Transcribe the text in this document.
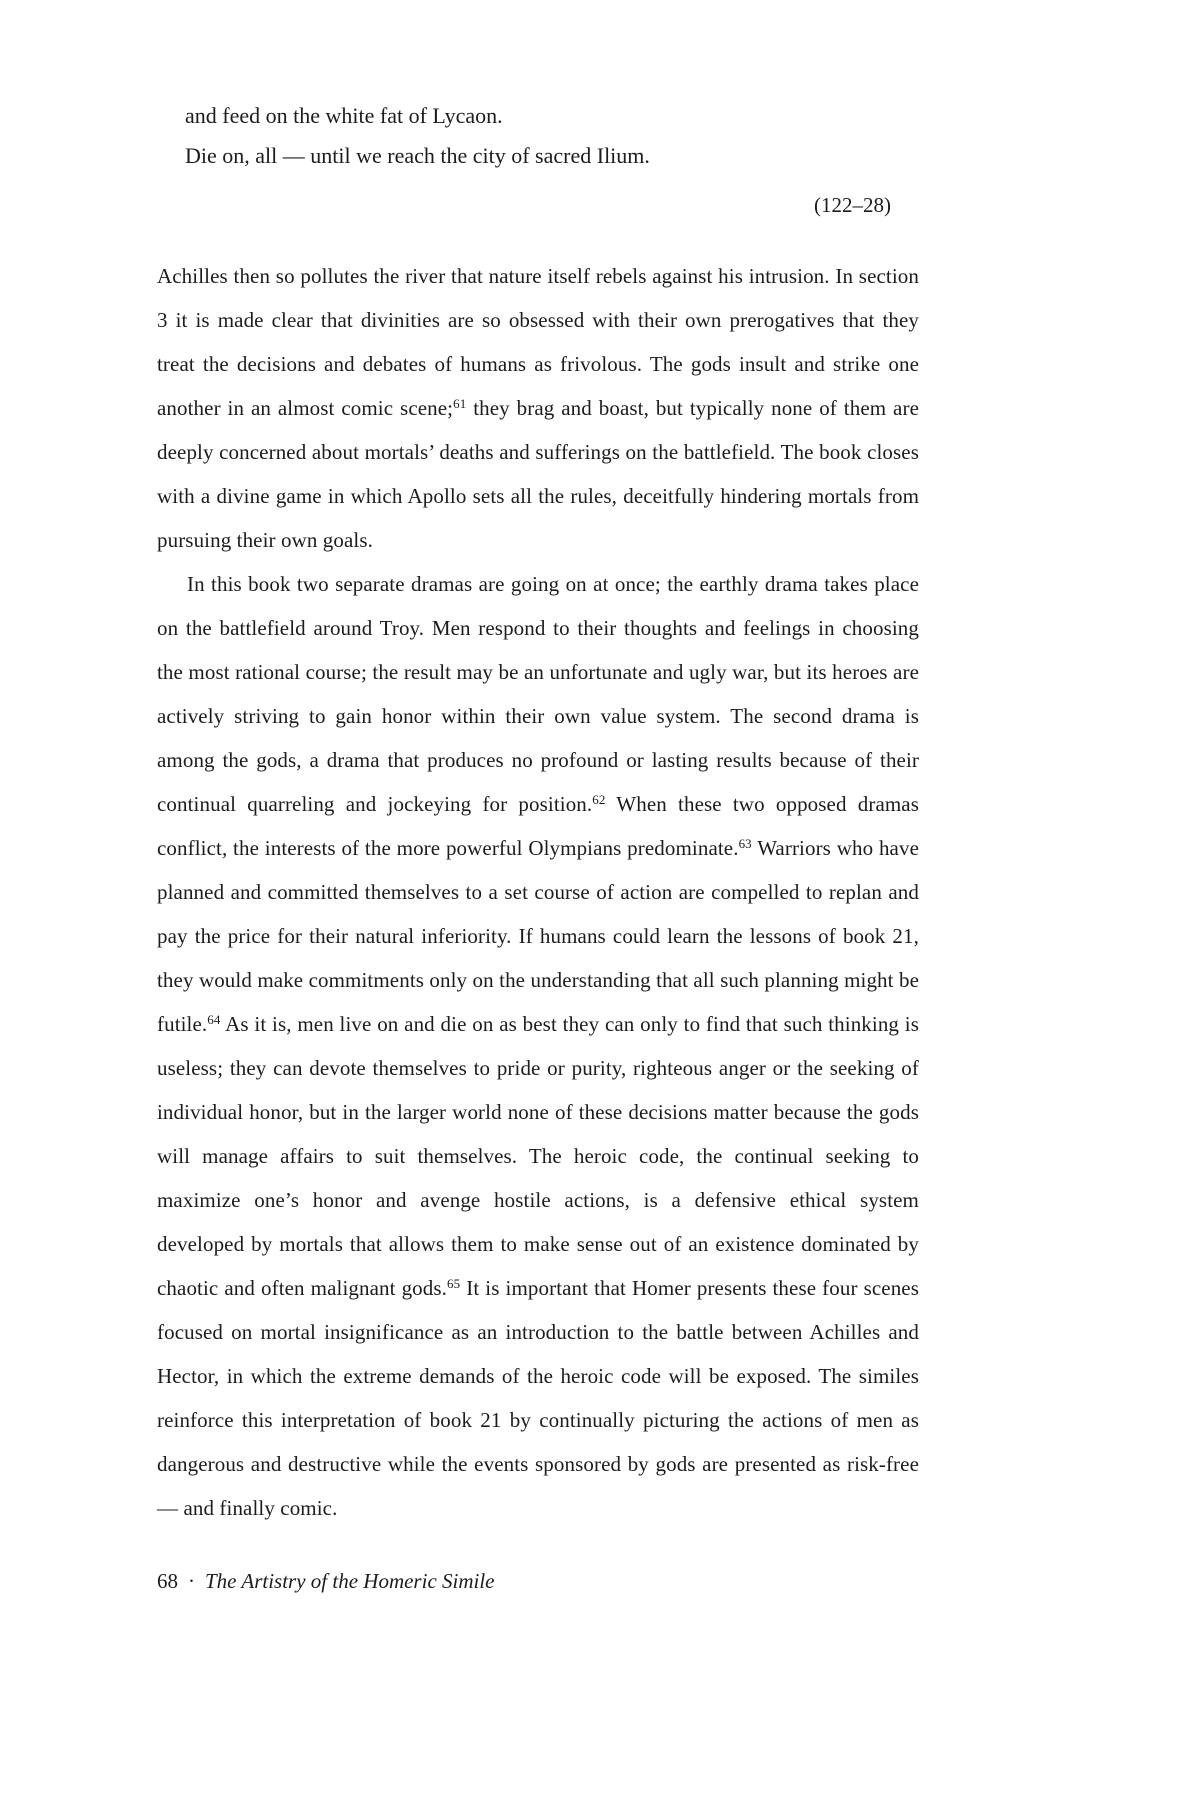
and feed on the white fat of Lycaon.
Die on, all — until we reach the city of sacred Ilium.
(122–28)

Achilles then so pollutes the river that nature itself rebels against his intrusion. In section 3 it is made clear that divinities are so obsessed with their own prerogatives that they treat the decisions and debates of humans as frivolous. The gods insult and strike one another in an almost comic scene;$^{61}$ they brag and boast, but typically none of them are deeply concerned about mortals’ deaths and sufferings on the battlefield. The book closes with a divine game in which Apollo sets all the rules, deceitfully hindering mortals from pursuing their own goals.

In this book two separate dramas are going on at once; the earthly drama takes place on the battlefield around Troy. Men respond to their thoughts and feelings in choosing the most rational course; the result may be an unfortunate and ugly war, but its heroes are actively striving to gain honor within their own value system. The second drama is among the gods, a drama that produces no profound or lasting results because of their continual quarreling and jockeying for position.$^{62}$ When these two opposed dramas conflict, the interests of the more powerful Olympians predominate.$^{63}$ Warriors who have planned and committed themselves to a set course of action are compelled to replan and pay the price for their natural inferiority. If humans could learn the lessons of book 21, they would make commitments only on the understanding that all such planning might be futile.$^{64}$ As it is, men live on and die on as best they can only to find that such thinking is useless; they can devote themselves to pride or purity, righteous anger or the seeking of individual honor, but in the larger world none of these decisions matter because the gods will manage affairs to suit themselves. The heroic code, the continual seeking to maximize one’s honor and avenge hostile actions, is a defensive ethical system developed by mortals that allows them to make sense out of an existence dominated by chaotic and often malignant gods.$^{65}$ It is important that Homer presents these four scenes focused on mortal insignificance as an introduction to the battle between Achilles and Hector, in which the extreme demands of the heroic code will be exposed. The similes reinforce this interpretation of book 21 by continually picturing the actions of men as dangerous and destructive while the events sponsored by gods are presented as risk-free — and finally comic.

68 · The Artistry of the Homeric Simile
